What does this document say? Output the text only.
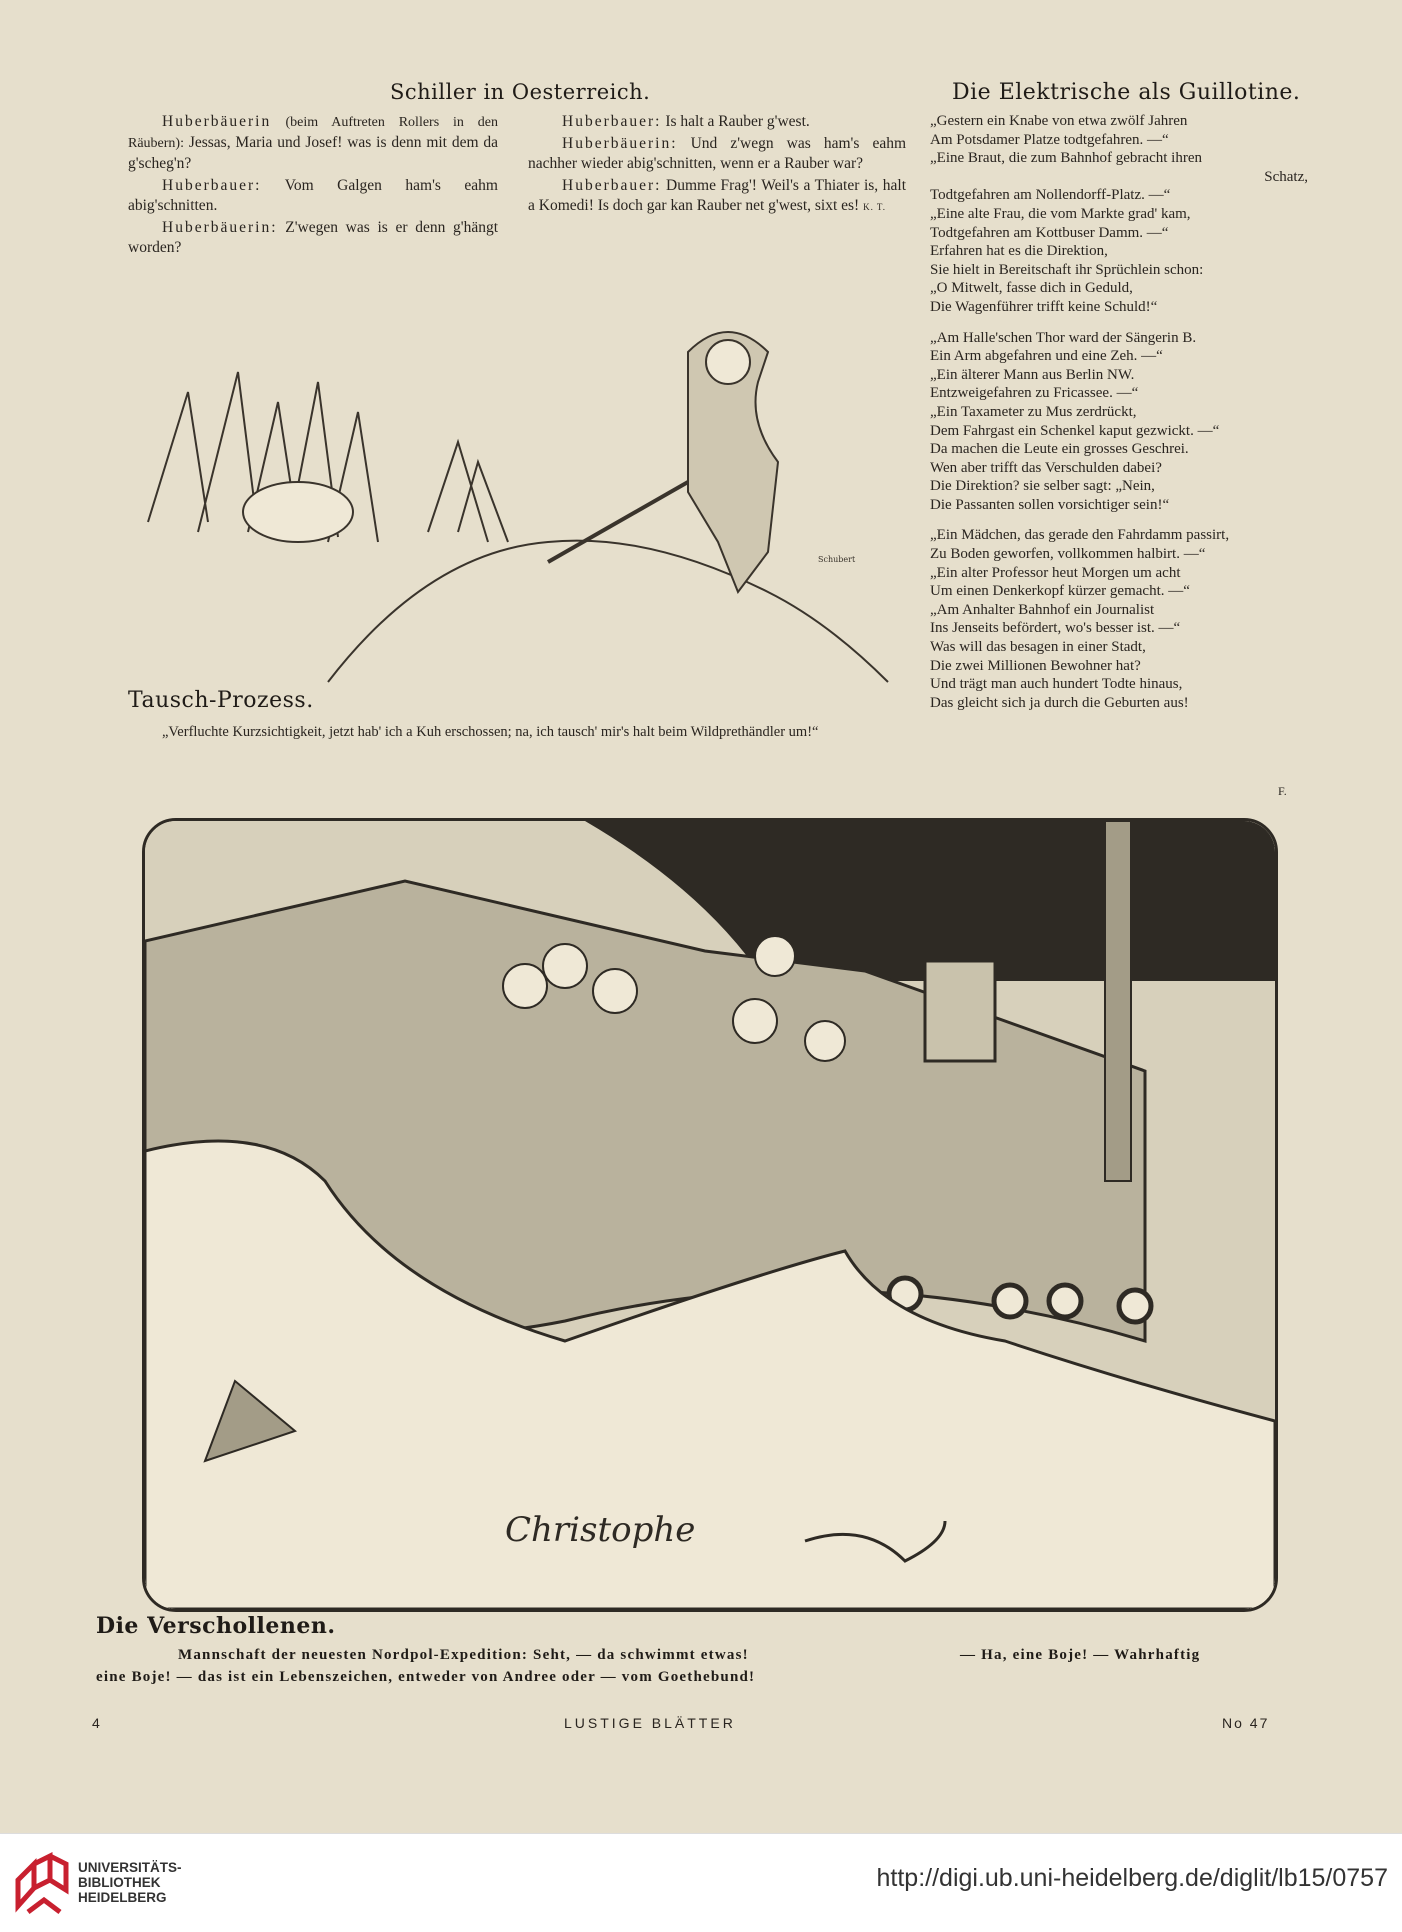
Schiller in Oesterreich.

Huberbäuerin (beim Auftreten Rollers in den Räubern): Jessas, Maria und Josef! was is denn mit dem da g'scheg'n?

Huberbauer: Vom Galgen ham's eahm abig'schnitten.

Huberbäuerin: Z'wegen was is er denn g'hängt worden?

Huberbauer: Is halt a Rauber g'west.

Huberbäuerin: Und z'wegn was ham's eahm nachher wieder abig'schnitten, wenn er a Rauber war?

Huberbauer: Dumme Frag'! Weil's a Thiater is, halt a Komedi! Is doch gar kan Rauber net g'west, sixt es! K. T.

Schubert
Tausch-Prozess.

„Verfluchte Kurzsichtigkeit, jetzt hab' ich a Kuh erschossen; na, ich tausch' mir's halt beim Wildprethändler um!“

Die Elektrische als Guillotine.
„Gestern ein Knabe von etwa zwölf Jahren
Am Potsdamer Platze todtgefahren. —“
„Eine Braut, die zum Bahnhof gebracht ihren
Schatz,
Todtgefahren am Nollendorff-Platz. —“
„Eine alte Frau, die vom Markte grad' kam,
Todtgefahren am Kottbuser Damm. —“
Erfahren hat es die Direktion,
Sie hielt in Bereitschaft ihr Sprüchlein schon:
„O Mitwelt, fasse dich in Geduld,
Die Wagenführer trifft keine Schuld!“
„Am Halle'schen Thor ward der Sängerin B.
Ein Arm abgefahren und eine Zeh. —“
„Ein älterer Mann aus Berlin NW.
Entzweigefahren zu Fricassee. —“
„Ein Taxameter zu Mus zerdrückt,
Dem Fahrgast ein Schenkel kaput gezwickt. —“
Da machen die Leute ein grosses Geschrei.
Wen aber trifft das Verschulden dabei?
Die Direktion? sie selber sagt: „Nein,
Die Passanten sollen vorsichtiger sein!“
„Ein Mädchen, das gerade den Fahrdamm passirt,
Zu Boden geworfen, vollkommen halbirt. —“
„Ein alter Professor heut Morgen um acht
Um einen Denkerkopf kürzer gemacht. —“
„Am Anhalter Bahnhof ein Journalist
Ins Jenseits befördert, wo's besser ist. —“
Was will das besagen in einer Stadt,
Die zwei Millionen Bewohner hat?
Und trägt man auch hundert Todte hinaus,
Das gleicht sich ja durch die Geburten aus!
F.
Christophe
Die Verschollenen.
Mannschaft der neuesten Nordpol-Expedition: Seht, — da schwimmt etwas!	— Ha, eine Boje! — Wahrhaftig
eine Boje! — das ist ein Lebenszeichen, entweder von Andree oder — vom Goethebund!
4	LUSTIGE BLÄTTER	No 47
UNIVERSITÄTS-
BIBLIOTHEK
HEIDELBERG
http://digi.ub.uni-heidelberg.de/diglit/lb15/0757
